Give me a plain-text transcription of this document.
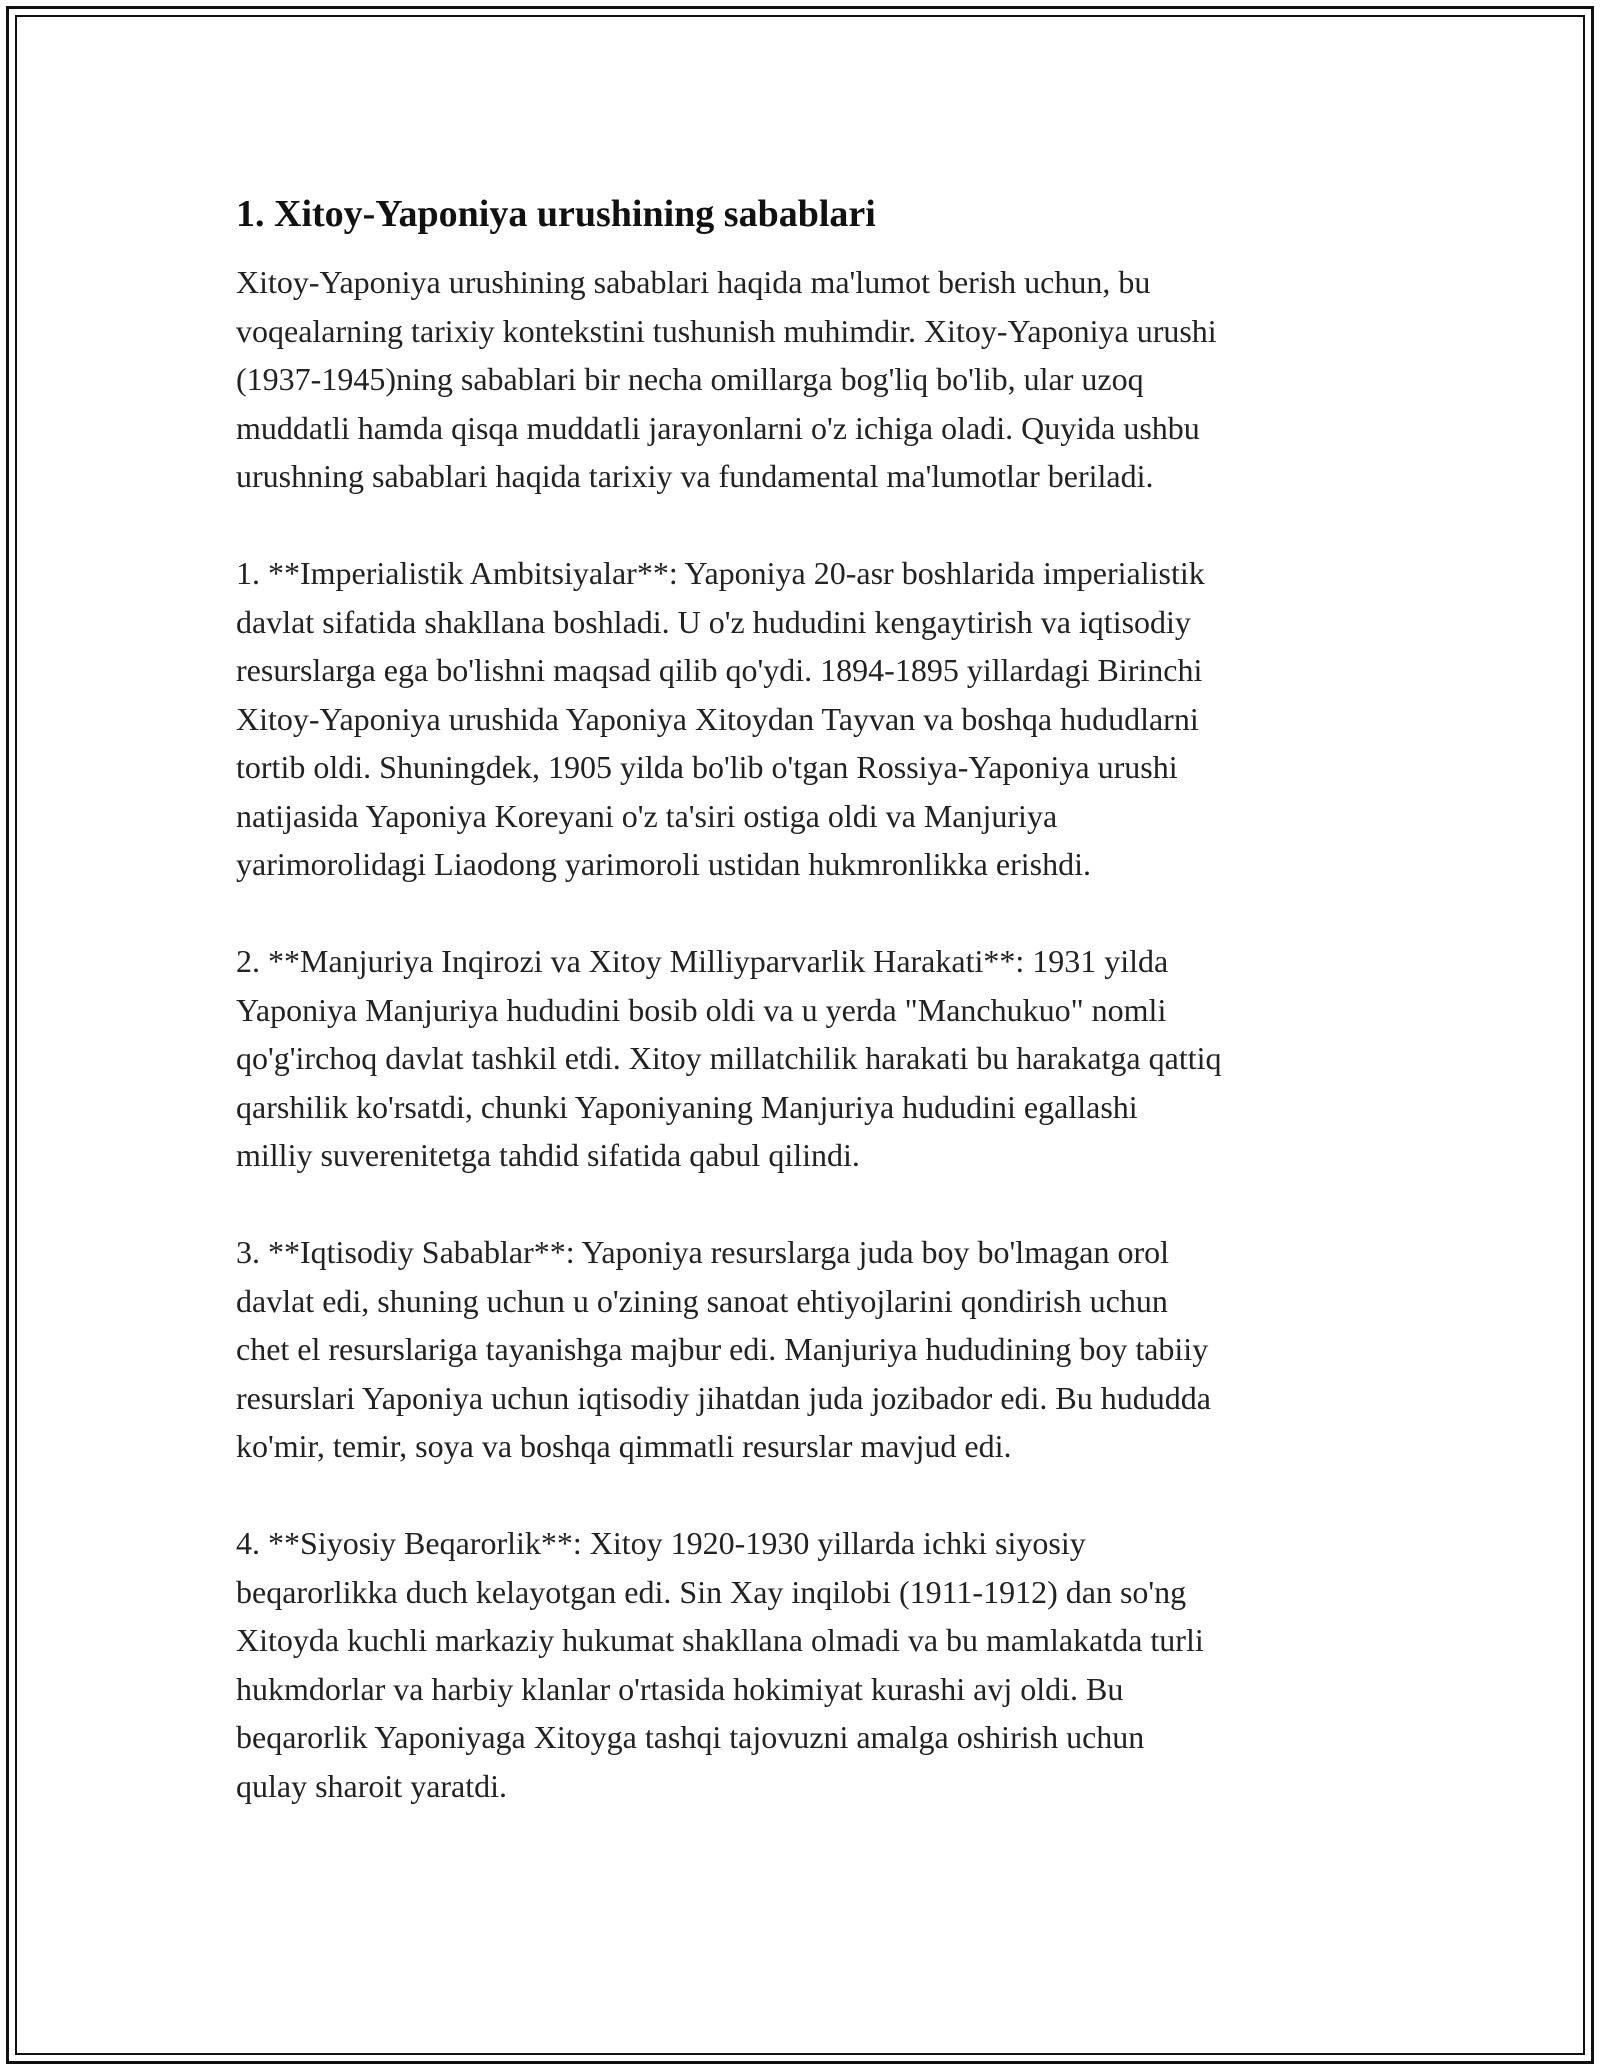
1. Xitoy-Yaponiya urushining sabablari
Xitoy-Yaponiya urushining sabablari haqida ma'lumot berish uchun, bu
voqealarning tarixiy kontekstini tushunish muhimdir. Xitoy-Yaponiya urushi
(1937-1945)ning sabablari bir necha omillarga bog'liq bo'lib, ular uzoq
muddatli hamda qisqa muddatli jarayonlarni o'z ichiga oladi. Quyida ushbu
urushning sabablari haqida tarixiy va fundamental ma'lumotlar beriladi.
1. **Imperialistik Ambitsiyalar**: Yaponiya 20-asr boshlarida imperialistik
davlat sifatida shakllana boshladi. U o'z hududini kengaytirish va iqtisodiy
resurslarga ega bo'lishni maqsad qilib qo'ydi. 1894-1895 yillardagi Birinchi
Xitoy-Yaponiya urushida Yaponiya Xitoydan Tayvan va boshqa hududlarni
tortib oldi. Shuningdek, 1905 yilda bo'lib o'tgan Rossiya-Yaponiya urushi
natijasida Yaponiya Koreyani o'z ta'siri ostiga oldi va Manjuriya
yarimorolidagi Liaodong yarimoroli ustidan hukmronlikka erishdi.
2. **Manjuriya Inqirozi va Xitoy Milliyparvarlik Harakati**: 1931 yilda
Yaponiya Manjuriya hududini bosib oldi va u yerda "Manchukuo" nomli
qo'g'irchoq davlat tashkil etdi. Xitoy millatchilik harakati bu harakatga qattiq
qarshilik ko'rsatdi, chunki Yaponiyaning Manjuriya hududini egallashi
milliy suverenitetga tahdid sifatida qabul qilindi.
3. **Iqtisodiy Sabablar**: Yaponiya resurslarga juda boy bo'lmagan orol
davlat edi, shuning uchun u o'zining sanoat ehtiyojlarini qondirish uchun
chet el resurslariga tayanishga majbur edi. Manjuriya hududining boy tabiiy
resurslari Yaponiya uchun iqtisodiy jihatdan juda jozibador edi. Bu hududda
ko'mir, temir, soya va boshqa qimmatli resurslar mavjud edi.
4. **Siyosiy Beqarorlik**: Xitoy 1920-1930 yillarda ichki siyosiy
beqarorlikka duch kelayotgan edi. Sin Xay inqilobi (1911-1912) dan so'ng
Xitoyda kuchli markaziy hukumat shakllana olmadi va bu mamlakatda turli
hukmdorlar va harbiy klanlar o'rtasida hokimiyat kurashi avj oldi. Bu
beqarorlik Yaponiyaga Xitoyga tashqi tajovuzni amalga oshirish uchun
qulay sharoit yaratdi.
